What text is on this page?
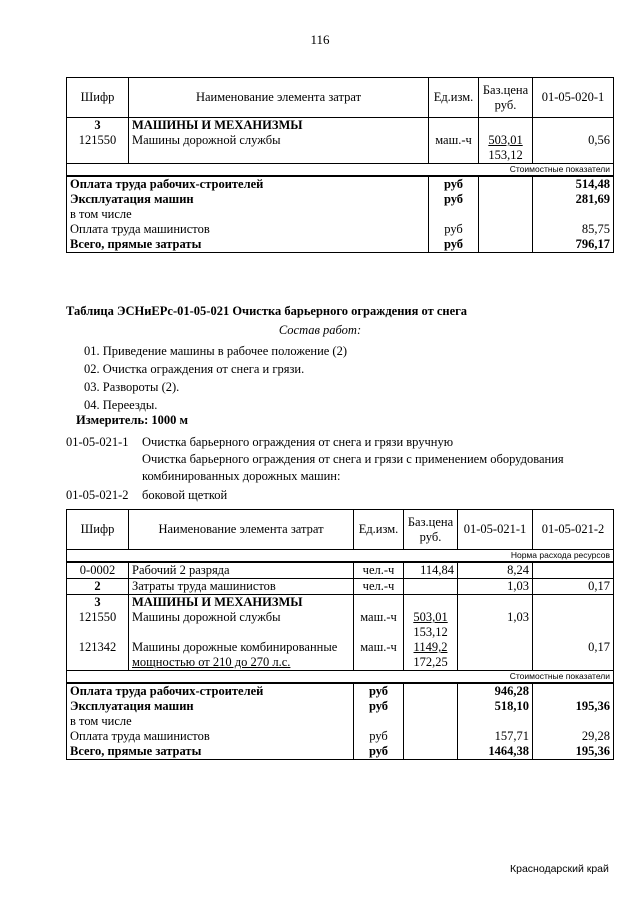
116
Шифр	Наименование элемента затрат	Ед.изм.	Баз.цена руб.	01-05-020-1
3	МАШИНЫ И МЕХАНИЗМЫ			
121550	Машины дорожной службы	маш.-ч	503,01
153,12	0,56
Стоимостные показатели				
Оплата труда рабочих-строителей		руб		514,48
Эксплуатация машин		руб		281,69
в том числе				
Оплата труда машинистов		руб		85,75
Всего, прямые затраты		руб		796,17
Таблица ЭСНиЕРс-01-05-021 Очистка барьерного ограждения от снега
Состав работ:
01. Приведение машины в рабочее положение (2)
02. Очистка ограждения от снега и грязи.
03. Развороты (2).
04. Переезды.
Измеритель: 1000 м
01-05-021-1	Очистка барьерного ограждения от снега и грязи вручную
Очистка барьерного ограждения от снега и грязи с применением оборудования
комбинированных дорожных машин:
01-05-021-2	боковой щеткой
Шифр	Наименование элемента затрат	Ед.изм.	Баз.цена руб.	01-05-021-1	01-05-021-2
Норма расхода ресурсов					
0-0002	Рабочий 2 разряда	чел.-ч	114,84	8,24	
2	Затраты труда машинистов	чел.-ч		1,03	0,17
3	МАШИНЫ И МЕХАНИЗМЫ				
121550	Машины дорожной службы	маш.-ч	503,01
153,12	1,03	
121342	Машины дорожные комбинированные
мощностью от 210 до 270 л.с.	маш.-ч	1149,2
172,25		0,17
Стоимостные показатели					
Оплата труда рабочих-строителей		руб		946,28	
Эксплуатация машин		руб		518,10	195,36
в том числе					
Оплата труда машинистов		руб		157,71	29,28
Всего, прямые затраты		руб		1464,38	195,36
Краснодарский край
